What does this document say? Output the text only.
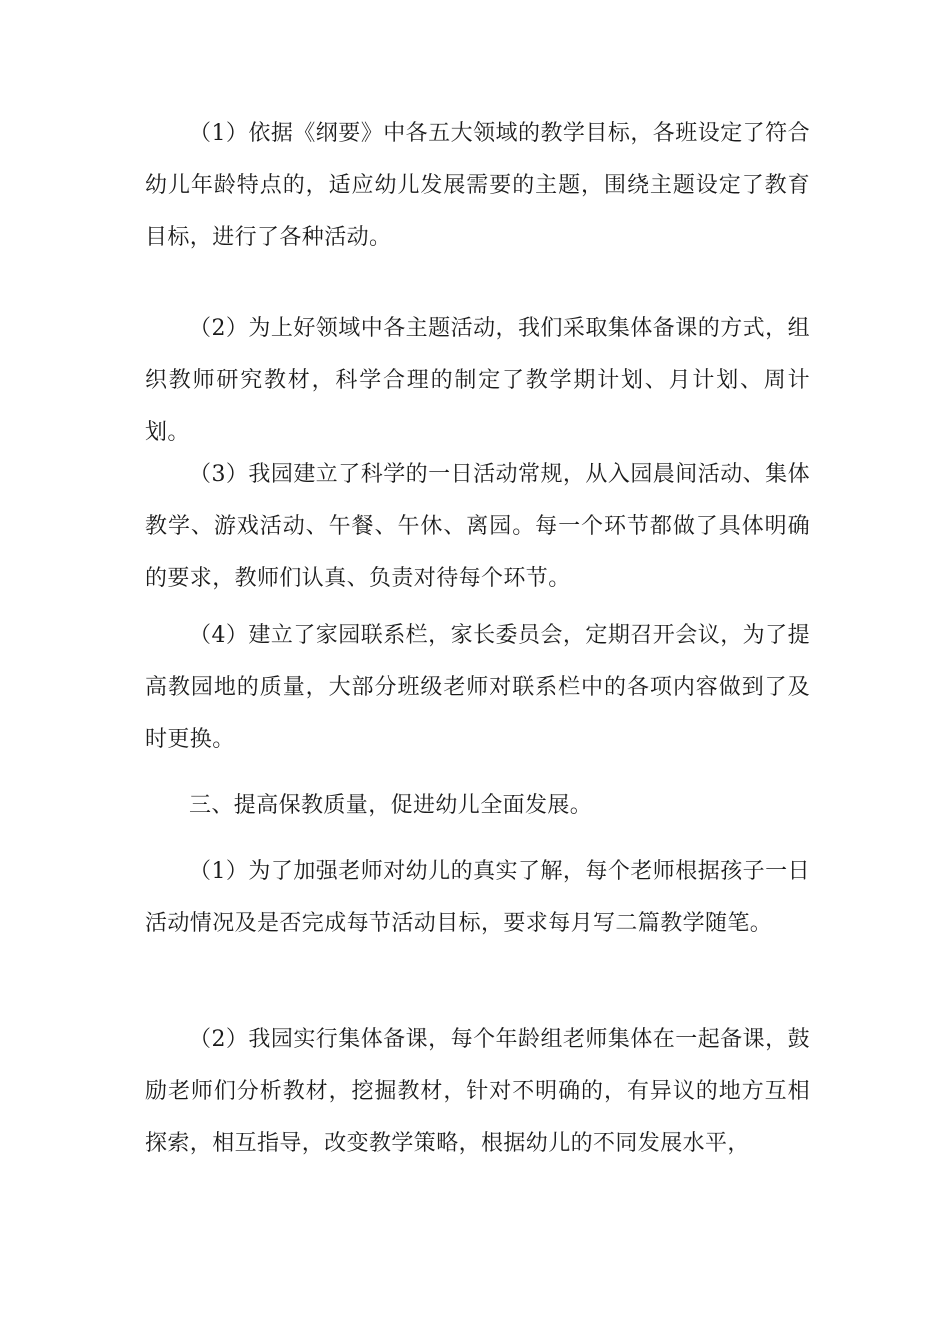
（1）依据《纲要》中各五大领域的教学目标，各班设定了符合幼儿年龄特点的，适应幼儿发展需要的主题，围绕主题设定了教育目标，进行了各种活动。

（2）为上好领域中各主题活动，我们采取集体备课的方式，组织教师研究教材，科学合理的制定了教学期计划、月计划、周计划。

（3）我园建立了科学的一日活动常规，从入园晨间活动、集体教学、游戏活动、午餐、午休、离园。每一个环节都做了具体明确的要求，教师们认真、负责对待每个环节。

（4）建立了家园联系栏，家长委员会，定期召开会议，为了提高教园地的质量，大部分班级老师对联系栏中的各项内容做到了及时更换。

三、提高保教质量，促进幼儿全面发展。

（1）为了加强老师对幼儿的真实了解，每个老师根据孩子一日活动情况及是否完成每节活动目标，要求每月写二篇教学随笔。

（2）我园实行集体备课，每个年龄组老师集体在一起备课，鼓励老师们分析教材，挖掘教材，针对不明确的，有异议的地方互相探索，相互指导，改变教学策略，根据幼儿的不同发展水平，
